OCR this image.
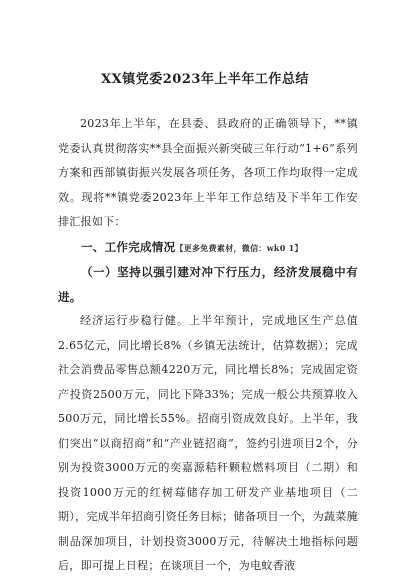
XX镇党委2023年上半年工作总结

2023年上半年，在县委、县政府的正确领导下，**镇党委认真贯彻落实**县全面振兴新突破三年行动“1+6”系列方案和西部镇街振兴发展各项任务，各项工作均取得一定成效。现将**镇党委2023年上半年工作总结及下半年工作安排汇报如下：

一、工作完成情况【更多免费素材，微信：wk0 1】

（一）坚持以强引建对冲下行压力，经济发展稳中有进。

经济运行步稳行健。上半年预计，完成地区生产总值2.65亿元，同比增长8%（乡镇无法统计，估算数据）；完成社会消费品零售总额4220万元，同比增长8%；完成固定资产投资2500万元，同比下降33%；完成一般公共预算收入500万元，同比增长55%。招商引资成效良好。上半年，我们突出“以商招商”和“产业链招商”，签约引进项目2个，分别为投资3000万元的奕嘉源秸秆颗粒燃料项目（二期）和投资1000万元的红树莓储存加工研发产业基地项目（二期），完成半年招商引资任务目标；储备项目一个，为蔬菜腌制品深加项目，计划投资3000万元，待解决土地指标问题后，即可提上日程；在谈项目一个，为电蚊香液
